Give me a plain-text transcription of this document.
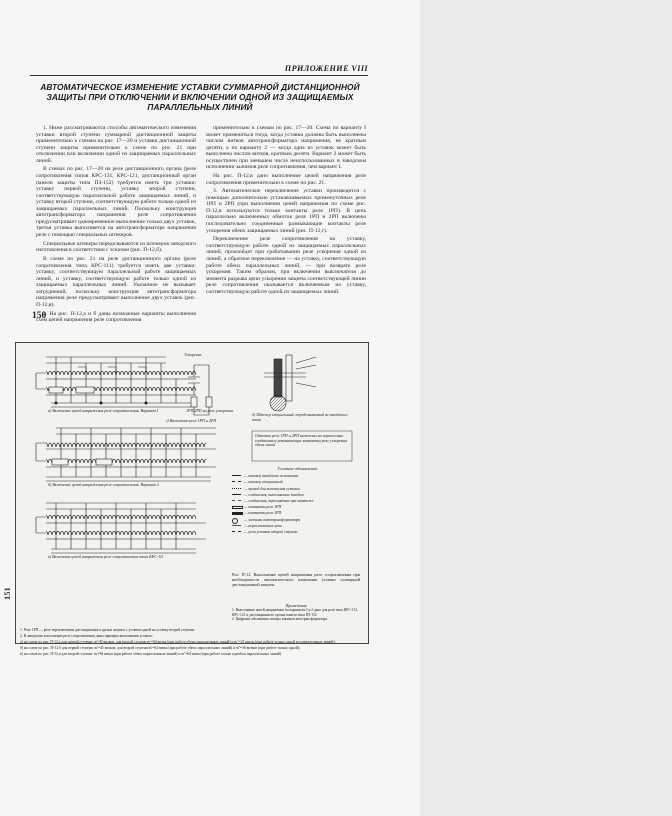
ПРИЛОЖЕНИЕ VIII
АВТОМАТИЧЕСКОЕ ИЗМЕНЕНИЕ УСТАВКИ СУММАРНОЙ ДИСТАНЦИОННОЙ ЗАЩИТЫ ПРИ ОТКЛЮЧЕНИИ И ВКЛЮЧЕНИИ ОДНОЙ ИЗ ЗАЩИЩАЕМЫХ ПАРАЛЛЕЛЬНЫХ ЛИНИЙ

1. Ниже рассматриваются способы автоматического изменения уставки второй ступени суммарной дистанционной защиты применительно к схемам на рис. 17—20 и уставки дистанционной ступени защиты применительно к схеме по рис. 21 при отключении или включении одной из защищаемых параллельных линий.

В схемах по рис. 17—20 на реле дистанционного органа (реле сопротивления типов КРС-131, КРС-121, дистанционный орган панели защиты типа ПЗ-152) требуется иметь три уставки: уставку первой ступени, уставку второй ступени, соответствующую параллельной работе защищаемых линий, и уставку второй ступени, соответствующую работе только одной из защищаемых параллельных линий. Поскольку конструкция автотрансформатора напряжения реле сопротивления предусматривает одновременное выполнение только двух уставок, третья уставка выполняется на автотрансформаторе напряжения реле с помощью специальных штекеров.

Специальные штекеры переделываются из штекеров заводского изготовления в соответствии с эскизом (рис. П-12,б).

В схеме по рис. 21 на реле дистанционного органа (реле сопротивления типа КРС-111) требуется иметь две уставки: уставку, соответствующую параллельной работе защищаемых линий, и уставку, соответствующую работе только одной из защищаемых параллельных линий. Указанное не вызывает затруднений, поскольку конструкция автотрансформатора напряжения реле предусматривает выполнение двух уставок (рис. П-12,в).

2. На рис. П-12,а и б даны возможные варианты выполнения схем цепей напряжения реле сопротивления

применительно к схемам по рис. 17—20. Схема по варианту I может применяться тогда, когда уставки должны быть выполнены числом витков автотрансформатора напряжения, не кратным десяти, а по варианту 2 — когда одна из уставок может быть выполнена числом витков, кратным десяти. Вариант 2 может быть осуществлен при меньшем числе неиспользованных в заводском исполнении зажимов реле сопротивления, чем вариант I.

На рис. П-12,в дано выполнение цепей напряжения реле сопротивления применительно к схеме по рис. 21.

3. Автоматическое переключение уставки производится с помощью дополнительно устанавливаемых промежуточных реле 1РП и 2РП (при выполнении цепей напряжения по схеме рис. П-12,в используются только контакты реле 1РП). В цепь параллельно включенных обмоток реле 1РП и 2РП включены последовательно соединенные размыкающие контакты реле ускорения обеих защищаемых линий (рис. П-12,г).

Переключение реле сопротивления на уставку, соответствующую работе одной из защищаемых параллельных линий, произойдет при срабатывании реле ускорения одной из линий, а обратное переключение — на уставку, соответствующую работе обеих параллельных линий, — при возврате реле ускорения. Таким образом, при включении выключателя до момента разрыва цепи ускорения защиты соответствующей линии реле сопротивления оказывается включенным на уставку, соответствующую работе одной из защищаемых линий.

150
151
а) Включение цепей напряжения реле сопротивления. Вариант I
б) Включение цепей напряжения реле сопротивления. Вариант 2
в) Включение цепей напряжения реле сопротивления типа КРС-111
Ускорение
1РП 2РП на реле ускорения
г) Включение реле 1РП и 2РП
д) Штекер специальный, переделываемый из заводского типа
Обмотки реле 1РП и 2РП включены на параллельно соединенные размыкающие контакты реле ускорения обеих линий
Условные обозначения
— штекер заводского исполнения
— штекер специальный
— провод для выполнения уставки
— соединения, выполняемые заводом
— соединения, выполняемые при монтаже
— контакты реле 1РП
— контакты реле 2РП
— зажимы автотрансформатора
— переключаемые цепи
— цепи уставки второй ступени
Рис. П-12. Выполнение цепей напряжения реле сопротивления при необходимости автоматического изменения уставки суммарной дистанционной защиты.
Примечания
1. Выполнение цепей напряжения по вариантам I и 2 дано для реле типа КРС-131, КРС-121 и дистанционного органа панели типа ПЗ-152.
2. Цифрами обозначены номера зажимов автотрансформатора.
1. Реле 1РП — реле переключения дистанционного органа защиты с уставки одной на уставку второй ступени.
2. В заводском исполнении реле сопротивления даны примеры выполнения уставок:
а) на схеме по рис. П-12,а для первой ступени: m'=8l витков, для второй ступени m'=64 витка (при работе обеих параллельных линий) и m''=21 виток (при работе только одной из параллельных линий);
б) на схеме по рис. П-12,б для первой ступени: m'=45 витков, для второй ступени m'=64 витка (при работе обеих параллельных линий) и m''=36 витков (при работе только одной);
в) на схеме по рис. П-12,в для второй ступени: m'=84 витка (при работе обеих параллельных линий) и m''=64 витка (при работе только одной из параллельных линий).
